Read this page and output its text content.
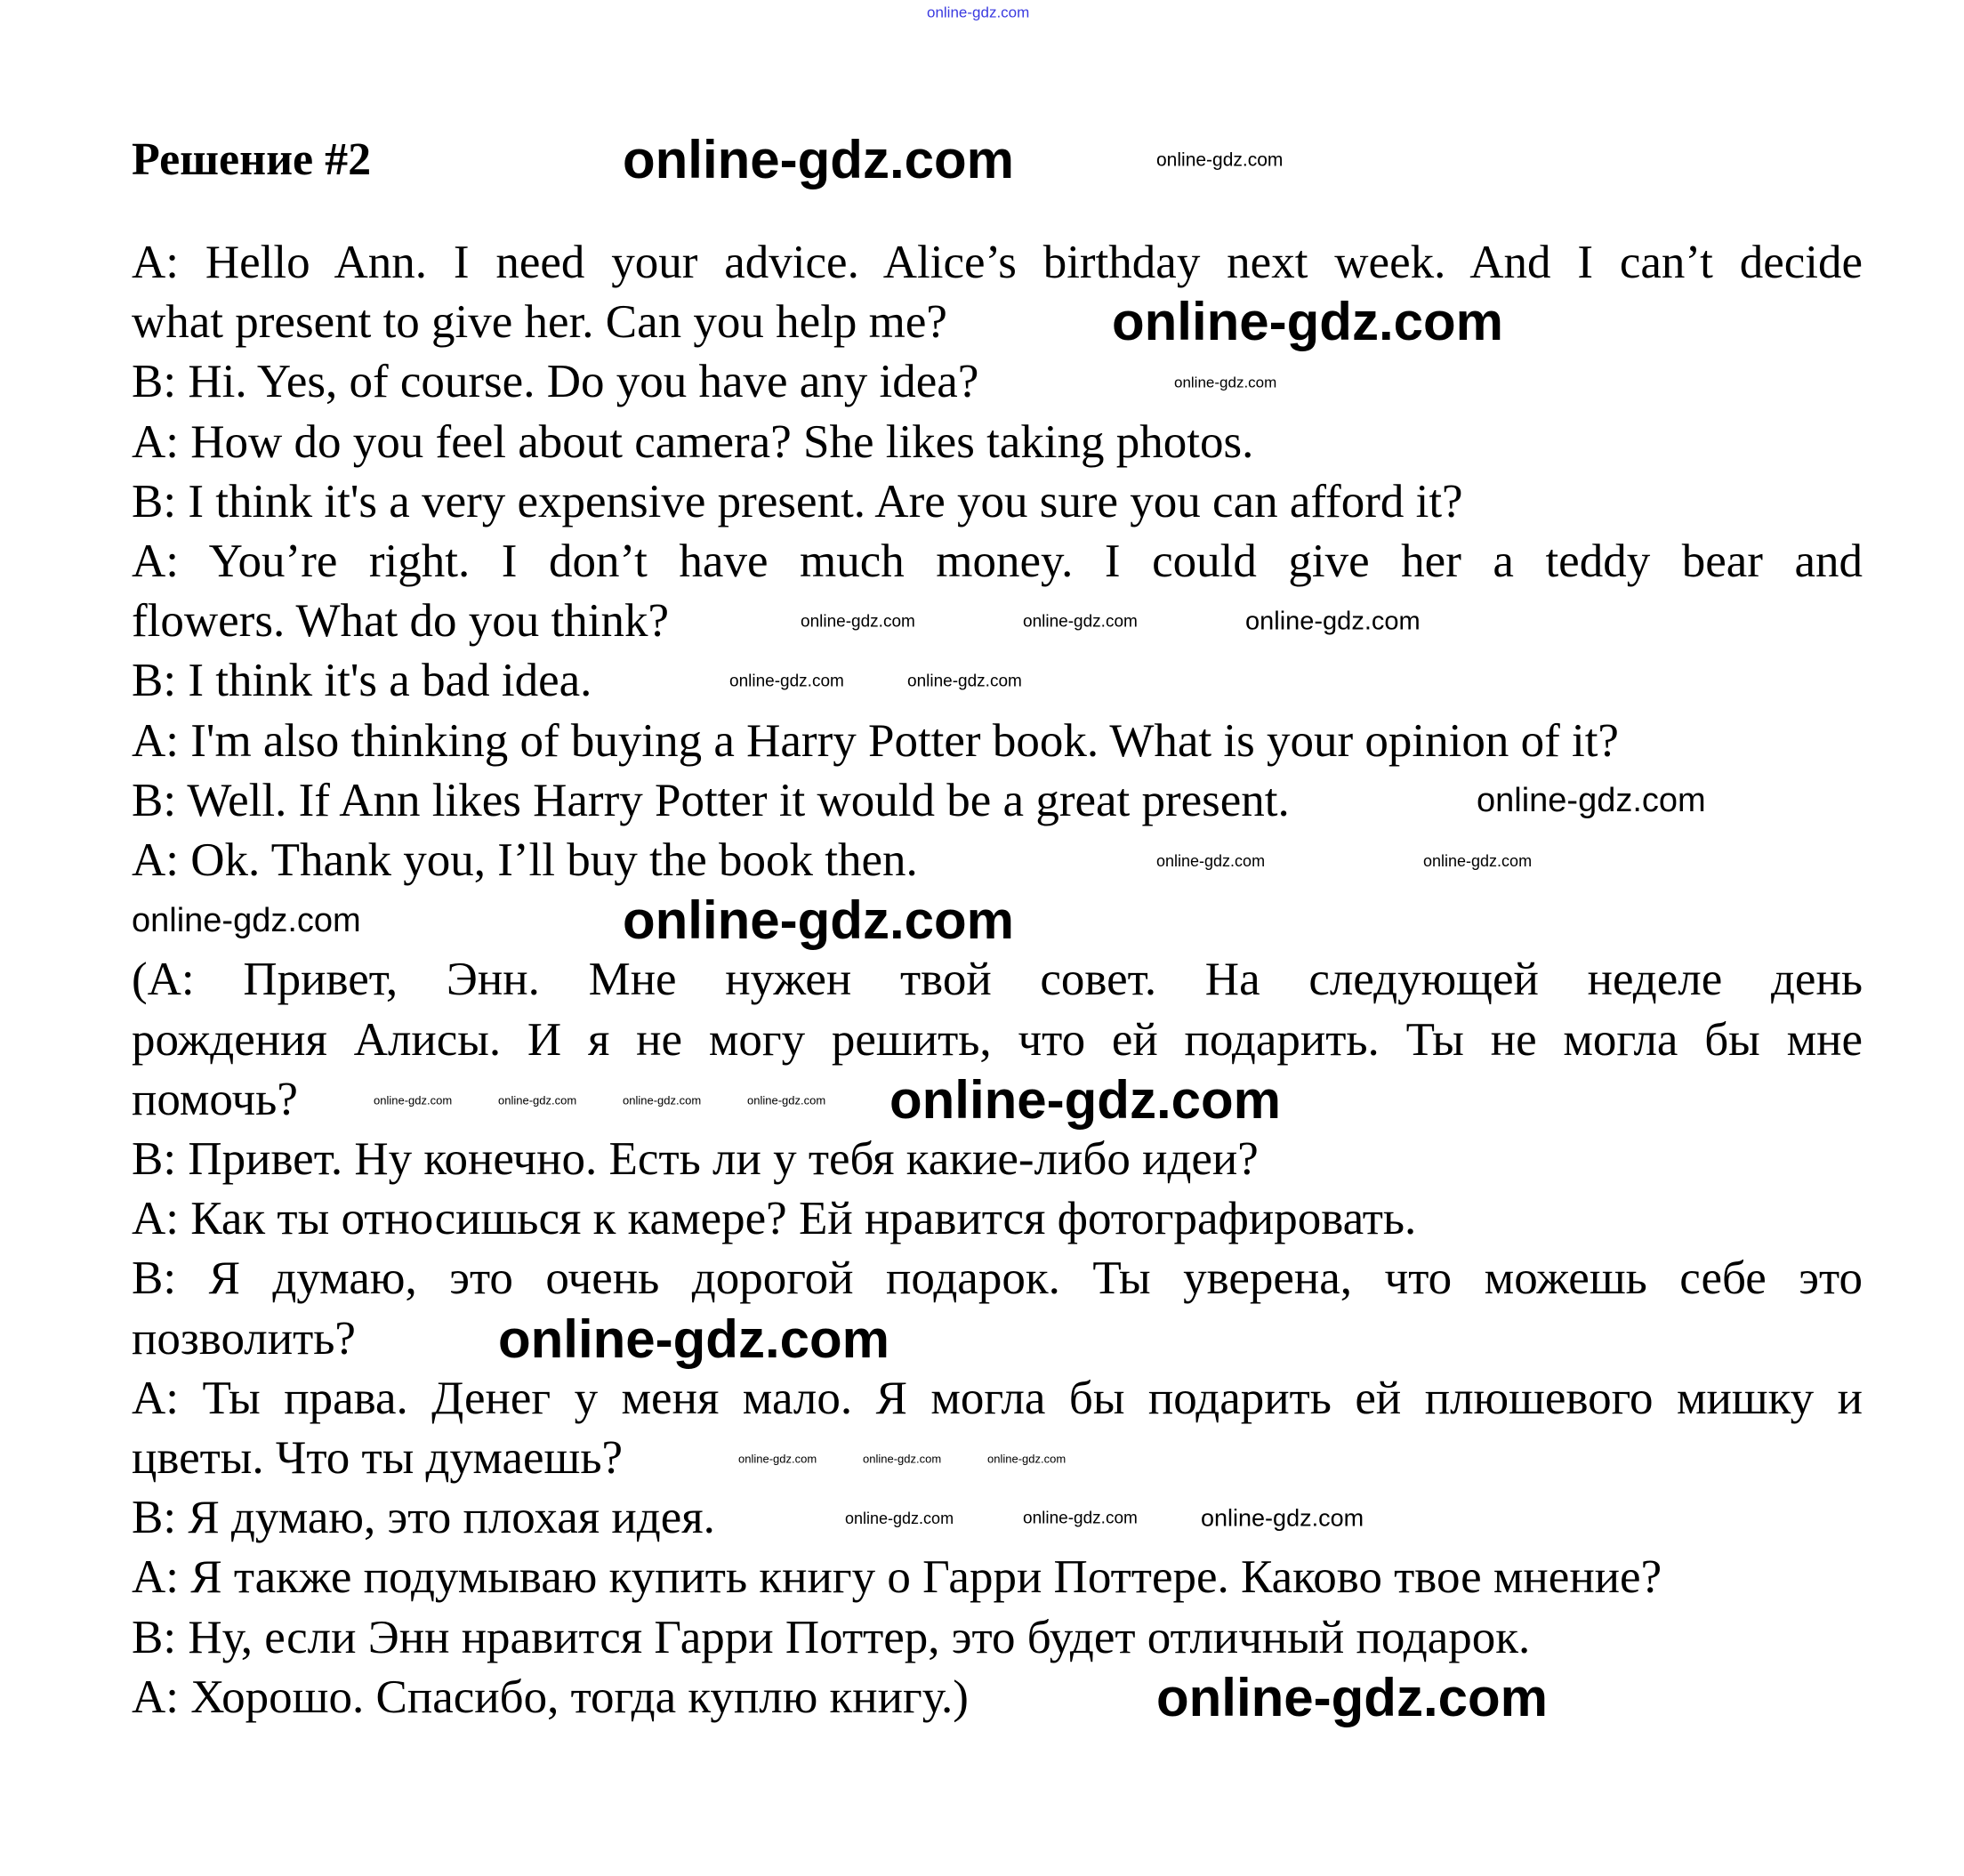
online-gdz.com
Решение #2
A: Hello Ann. I need your advice. Alice’s birthday next week. And I can’t decide
what present to give her. Can you help me?
B: Hi. Yes, of course. Do you have any idea?
A: How do you feel about camera? She likes taking photos.
B: I think it's a very expensive present. Are you sure you can afford it?
A: You’re right. I don’t have much money. I could give her a teddy bear and
flowers. What do you think?
B: I think it's a bad idea.
A: I'm also thinking of buying a Harry Potter book. What is your opinion of it?
B: Well. If Ann likes Harry Potter it would be a great present.
A: Ok. Thank you, I’ll buy the book then.
(А: Привет, Энн. Мне нужен твой совет. На следующей неделе день
рождения Алисы. И я не могу решить, что ей подарить. Ты не могла бы мне
помочь?
B: Привет. Ну конечно. Есть ли у тебя какие-либо идеи?
A: Как ты относишься к камере? Ей нравится фотографировать.
B: Я думаю, это очень дорогой подарок. Ты уверена, что можешь себе это
позволить?
A: Ты права. Денег у меня мало. Я могла бы подарить ей плюшевого мишку и
цветы. Что ты думаешь?
B: Я думаю, это плохая идея.
A: Я также подумываю купить книгу о Гарри Поттере. Каково твое мнение?
B: Ну, если Энн нравится Гарри Поттер, это будет отличный подарок.
A: Хорошо. Спасибо, тогда куплю книгу.)
online-gdz.com	online-gdz.com
online-gdz.com
online-gdz.com
online-gdz.com	online-gdz.com	online-gdz.com
online-gdz.com	online-gdz.com
online-gdz.com
online-gdz.com	online-gdz.com
online-gdz.com	online-gdz.com
online-gdz.com	online-gdz.com	online-gdz.com	online-gdz.com online-gdz.com
online-gdz.com
online-gdz.com	online-gdz.com	online-gdz.com
online-gdz.com	online-gdz.com	online-gdz.com
online-gdz.com
